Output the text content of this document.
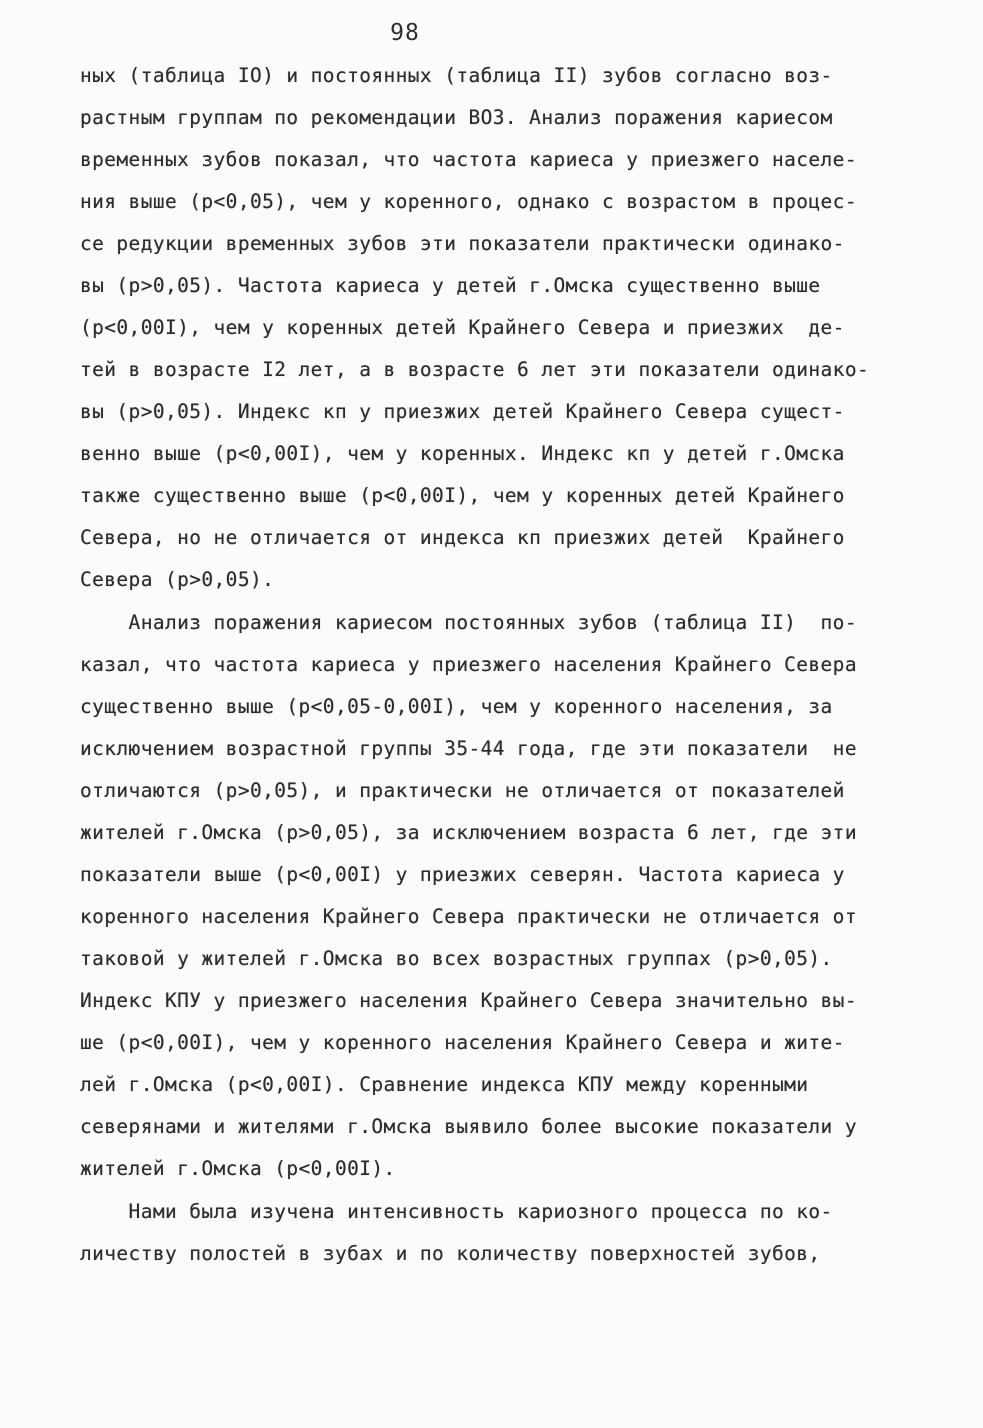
98
ных (таблица IO) и постоянных (таблица II) зубов согласно воз-
растным группам по рекомендации ВОЗ. Анализ поражения кариесом
временных зубов показал, что частота кариеса у приезжего населе-
ния выше (p<0,05), чем у коренного, однако с возрастом в процес-
се редукции временных зубов эти показатели практически одинако-
вы (p>0,05). Частота кариеса у детей г.Омска существенно выше
(p<0,00I), чем у коренных детей Крайнего Севера и приезжих  де-
тей в возрасте I2 лет, а в возрасте 6 лет эти показатели одинако-
вы (p>0,05). Индекс кп у приезжих детей Крайнего Севера сущест-
венно выше (p<0,00I), чем у коренных. Индекс кп у детей г.Омска
также существенно выше (p<0,00I), чем у коренных детей Крайнего
Севера, но не отличается от индекса кп приезжих детей  Крайнего
Севера (p>0,05).
Анализ поражения кариесом постоянных зубов (таблица II)  по-
казал, что частота кариеса у приезжего населения Крайнего Севера
существенно выше (p<0,05-0,00I), чем у коренного населения, за
исключением возрастной группы 35-44 года, где эти показатели  не
отличаются (p>0,05), и практически не отличается от показателей
жителей г.Омска (p>0,05), за исключением возраста 6 лет, где эти
показатели выше (p<0,00I) у приезжих северян. Частота кариеса у
коренного населения Крайнего Севера практически не отличается от
таковой у жителей г.Омска во всех возрастных группах (p>0,05).
Индекс КПУ у приезжего населения Крайнего Севера значительно вы-
ше (p<0,00I), чем у коренного населения Крайнего Севера и жите-
лей г.Омска (p<0,00I). Сравнение индекса КПУ между коренными
северянами и жителями г.Омска выявило более высокие показатели у
жителей г.Омска (p<0,00I).
Нами была изучена интенсивность кариозного процесса по ко-
личеству полостей в зубах и по количеству поверхностей зубов,
